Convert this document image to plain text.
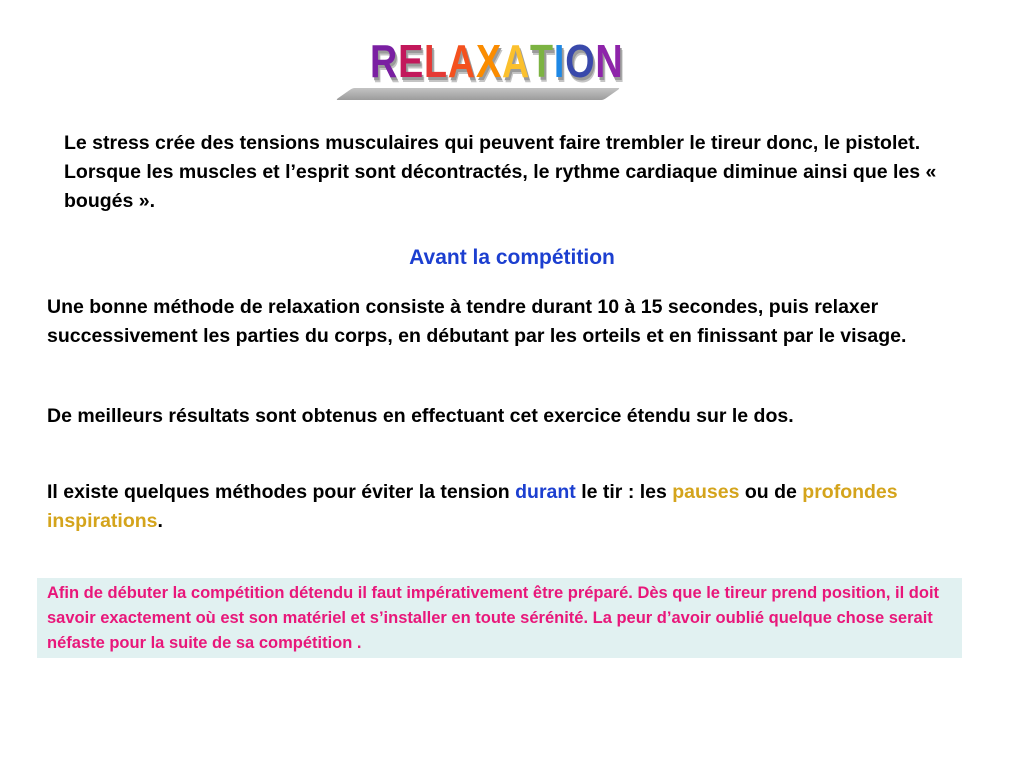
R E L A X A T I O N
Le stress crée des tensions musculaires qui peuvent faire trembler le tireur donc, le pistolet. Lorsque les muscles et l’esprit sont décontractés, le rythme cardiaque diminue ainsi que les « bougés ».
Avant la compétition
Une bonne méthode de relaxation consiste à tendre durant 10 à 15 secondes, puis relaxer successivement les parties du corps, en débutant par les orteils et en finissant par le visage.
De meilleurs résultats sont obtenus en effectuant cet exercice étendu sur le dos.
Il existe quelques méthodes pour éviter la tension durant le tir : les pauses ou de profondes inspirations.
Afin de débuter la compétition détendu il faut impérativement être préparé. Dès que le tireur prend position, il doit savoir exactement où est son matériel et s’installer en toute sérénité. La peur d’avoir oublié quelque chose serait néfaste pour la suite de sa compétition .
